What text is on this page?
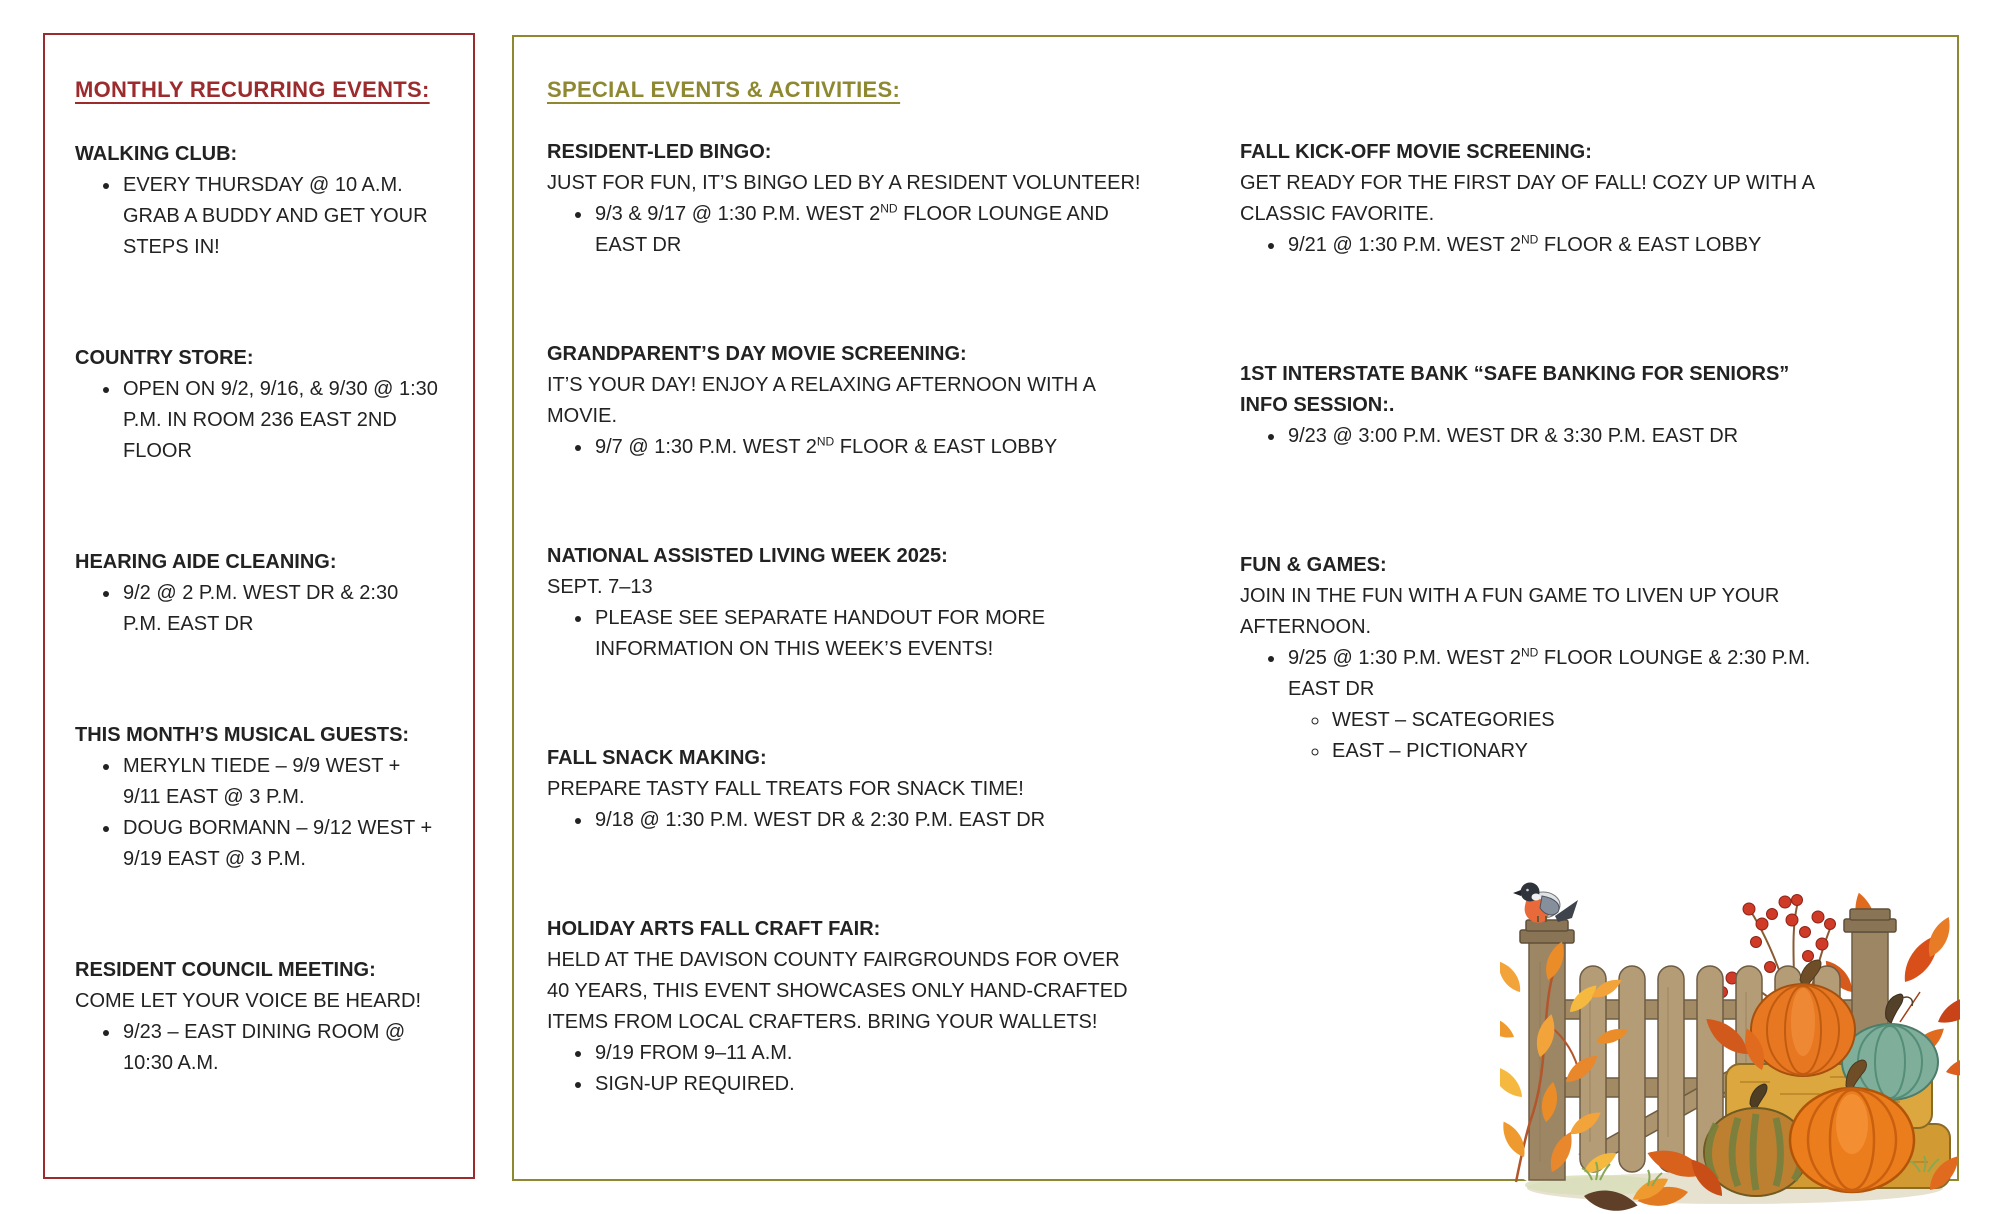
MONTHLY RECURRING EVENTS:
WALKING CLUB:
• EVERY THURSDAY @ 10 A.M. GRAB A BUDDY AND GET YOUR STEPS IN!
COUNTRY STORE:
• OPEN ON 9/2, 9/16, & 9/30 @ 1:30 P.M. IN ROOM 236 EAST 2ND FLOOR
HEARING AIDE CLEANING:
• 9/2 @ 2 P.M. WEST DR & 2:30 P.M. EAST DR
THIS MONTH’S MUSICAL GUESTS:
• MERYLN TIEDE – 9/9 WEST + 9/11 EAST @ 3 P.M.
• DOUG BORMANN – 9/12 WEST + 9/19 EAST @ 3 P.M.
RESIDENT COUNCIL MEETING:
COME LET YOUR VOICE BE HEARD!
• 9/23 – EAST DINING ROOM @ 10:30 A.M.
SPECIAL EVENTS & ACTIVITIES:
RESIDENT-LED BINGO:
JUST FOR FUN, IT’S BINGO LED BY A RESIDENT VOLUNTEER!
• 9/3 & 9/17 @ 1:30 P.M. WEST 2ND FLOOR LOUNGE AND EAST DR
GRANDPARENT’S DAY MOVIE SCREENING:
IT’S YOUR DAY! ENJOY A RELAXING AFTERNOON WITH A MOVIE.
• 9/7 @ 1:30 P.M. WEST 2ND FLOOR & EAST LOBBY
NATIONAL ASSISTED LIVING WEEK 2025:
SEPT. 7–13
• PLEASE SEE SEPARATE HANDOUT FOR MORE INFORMATION ON THIS WEEK’S EVENTS!
FALL SNACK MAKING:
PREPARE TASTY FALL TREATS FOR SNACK TIME!
• 9/18 @ 1:30 P.M. WEST DR & 2:30 P.M. EAST DR
HOLIDAY ARTS FALL CRAFT FAIR:
HELD AT THE DAVISON COUNTY FAIRGROUNDS FOR OVER 40 YEARS, THIS EVENT SHOWCASES ONLY HAND-CRAFTED ITEMS FROM LOCAL CRAFTERS. BRING YOUR WALLETS!
• 9/19 FROM 9–11 A.M.
• SIGN-UP REQUIRED.
FALL KICK-OFF MOVIE SCREENING:
GET READY FOR THE FIRST DAY OF FALL! COZY UP WITH A CLASSIC FAVORITE.
• 9/21 @ 1:30 P.M. WEST 2ND FLOOR & EAST LOBBY
1ST INTERSTATE BANK “SAFE BANKING FOR SENIORS” INFO SESSION:.
• 9/23 @ 3:00 P.M. WEST DR & 3:30 P.M. EAST DR
FUN & GAMES:
JOIN IN THE FUN WITH A FUN GAME TO LIVEN UP YOUR AFTERNOON.
• 9/25 @ 1:30 P.M. WEST 2ND FLOOR LOUNGE & 2:30 P.M. EAST DR
◦ WEST – SCATEGORIES
◦ EAST – PICTIONARY
